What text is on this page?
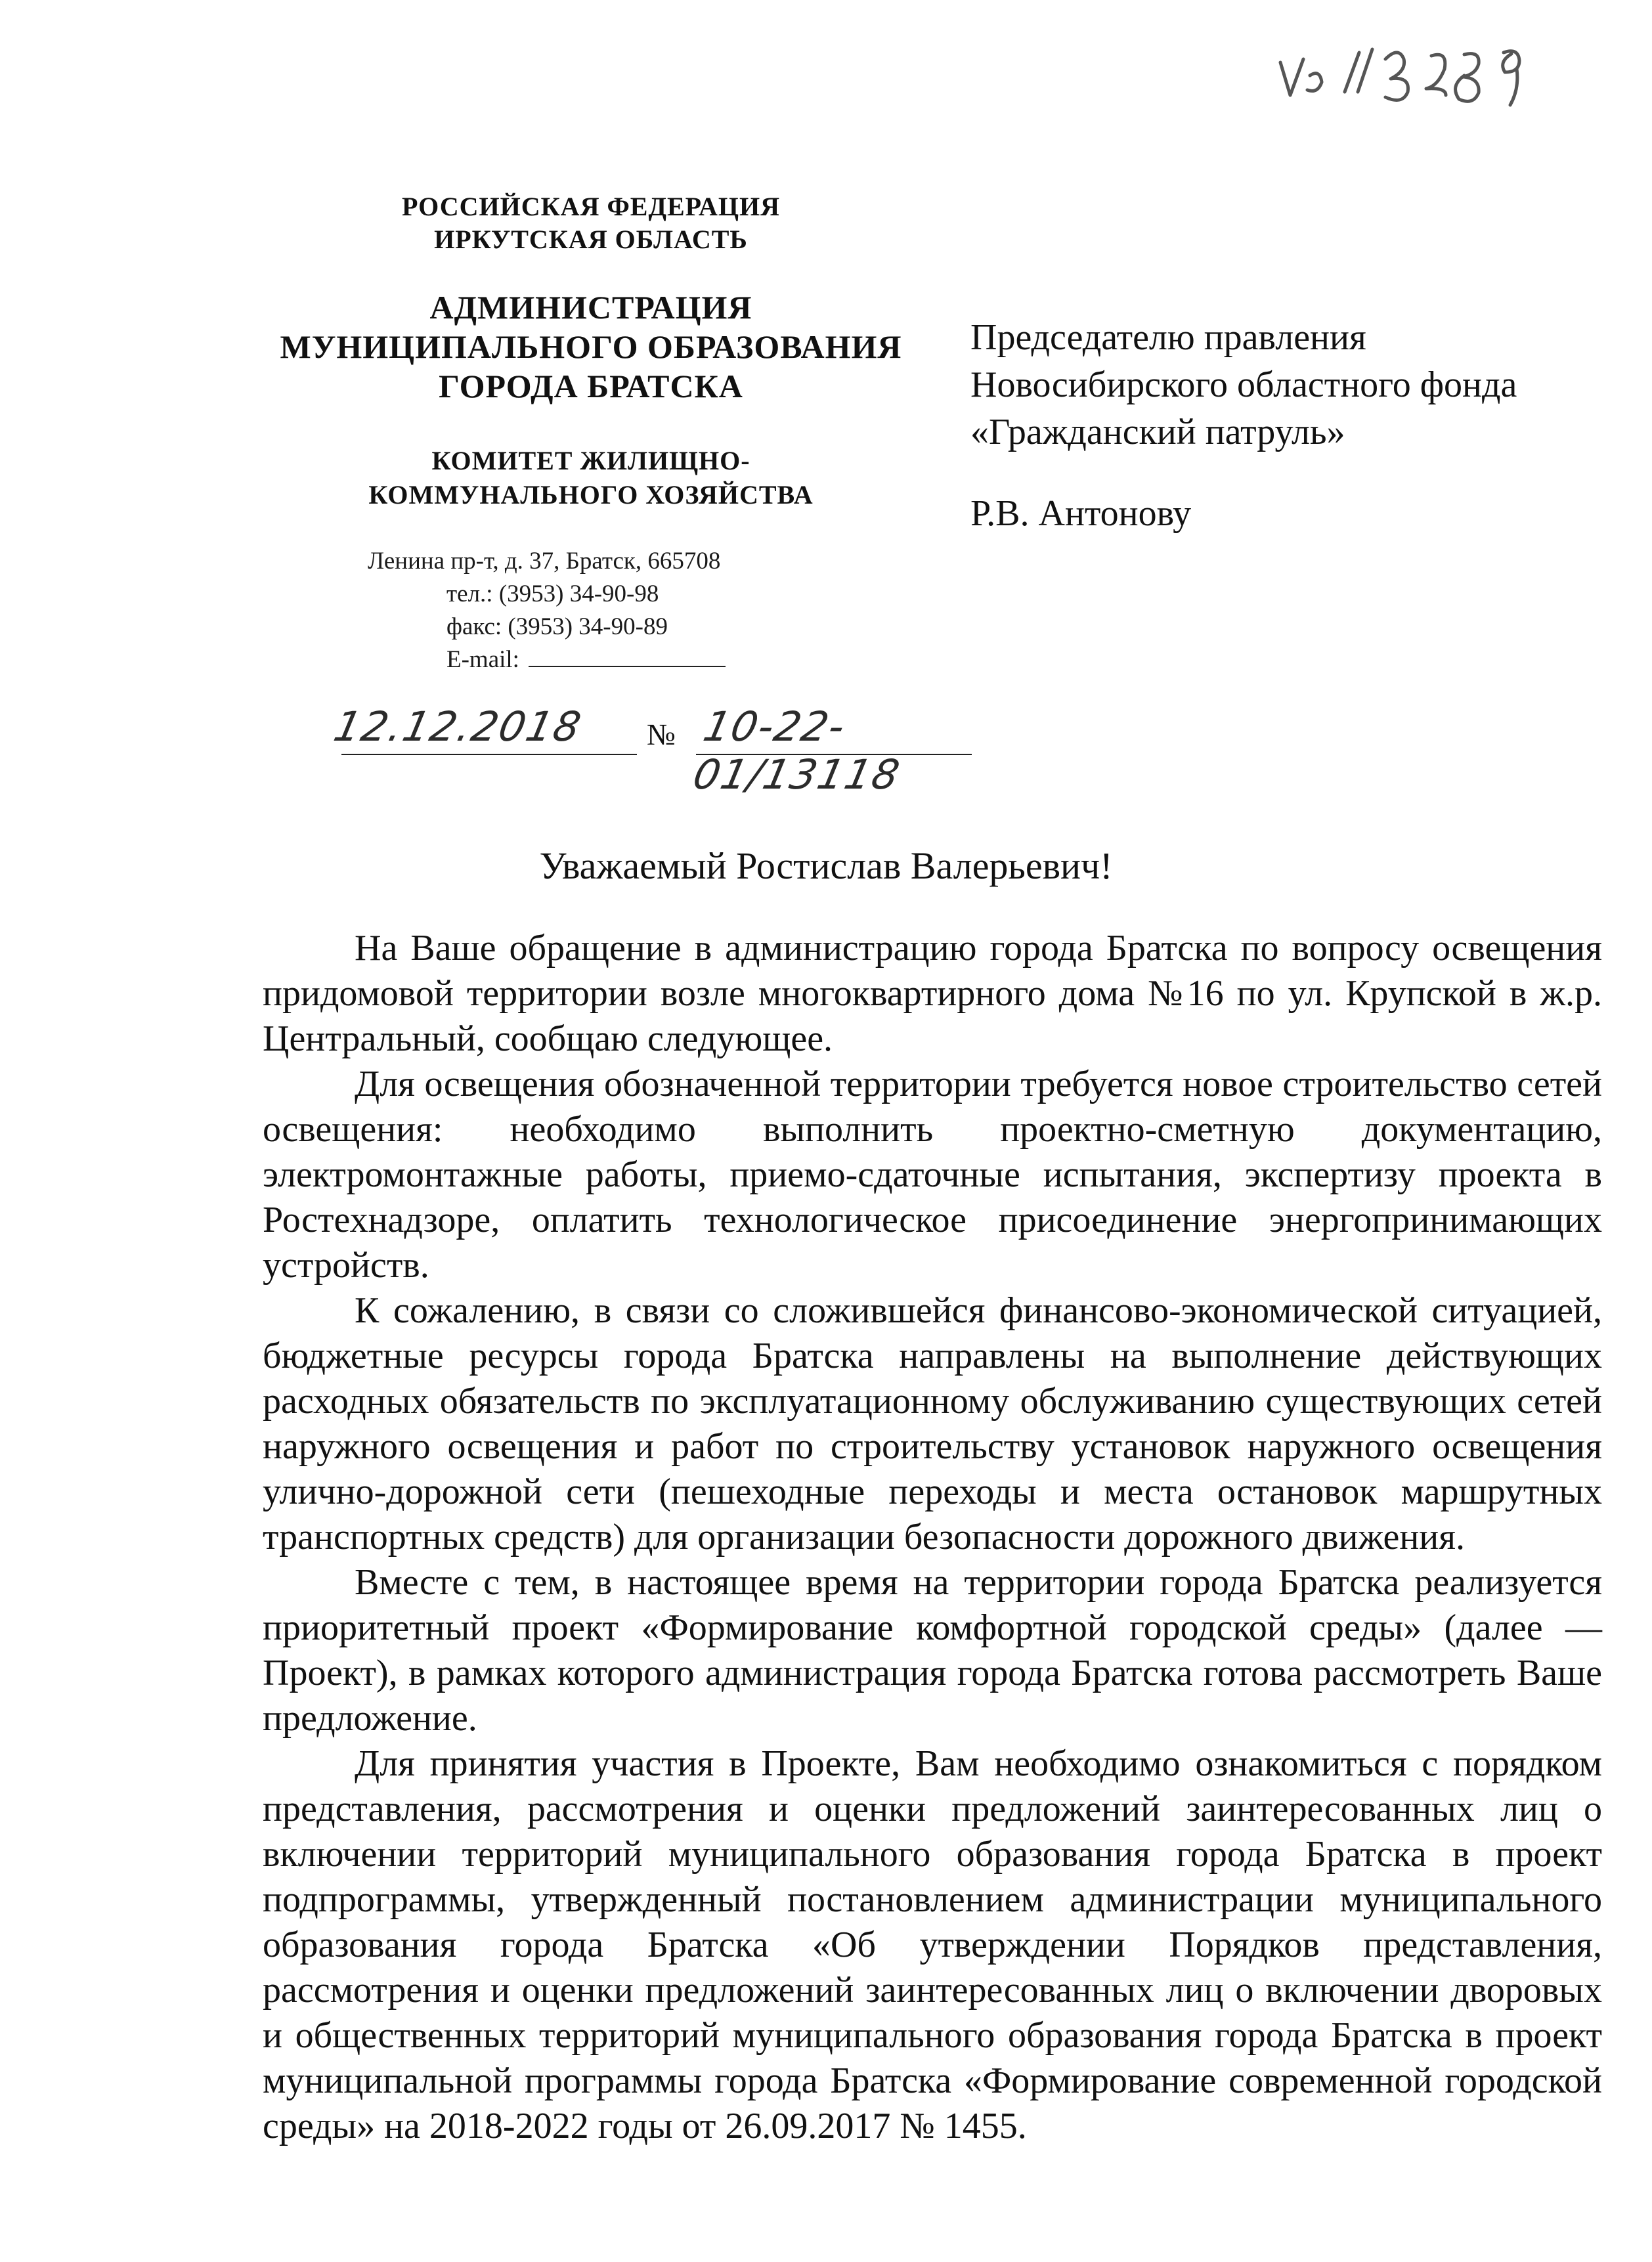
РОССИЙСКАЯ ФЕДЕРАЦИЯ
ИРКУТСКАЯ ОБЛАСТЬ
АДМИНИСТРАЦИЯ
МУНИЦИПАЛЬНОГО ОБРАЗОВАНИЯ
ГОРОДА БРАТСКА
КОМИТЕТ ЖИЛИЩНО-
КОММУНАЛЬНОГО ХОЗЯЙСТВА
Ленина пр-т, д. 37, Братск, 665708
тел.: (3953) 34-90-98
факс: (3953) 34-90-89
E-mail:
12.12.2018 № 10-22-01/13118
Председателю правления
Новосибирского областного фонда
«Гражданский патруль»
Р.В. Антонову
Уважаемый Ростислав Валерьевич!

На Ваше обращение в администрацию города Братска по вопросу освещения придомовой территории возле многоквартирного дома №16 по ул. Крупской в ж.р. Центральный, сообщаю следующее.

Для освещения обозначенной территории требуется новое строительство сетей освещения: необходимо выполнить проектно-сметную документацию, электромонтажные работы, приемо-сдаточные испытания, экспертизу проекта в Ростехнадзоре, оплатить технологическое присоединение энергопринимающих устройств.

К сожалению, в связи со сложившейся финансово-экономической ситуацией, бюджетные ресурсы города Братска направлены на выполнение действующих расходных обязательств по эксплуатационному обслуживанию существующих сетей наружного освещения и работ по строительству установок наружного освещения улично-дорожной сети (пешеходные переходы и места остановок маршрутных транспортных средств) для организации безопасности дорожного движения.

Вместе с тем, в настоящее время на территории города Братска реализуется приоритетный проект «Формирование комфортной городской среды» (далее — Проект), в рамках которого администрация города Братска готова рассмотреть Ваше предложение.

Для принятия участия в Проекте, Вам необходимо ознакомиться с порядком представления, рассмотрения и оценки предложений заинтересованных лиц о включении территорий муниципального образования города Братска в проект подпрограммы, утвержденный постановлением администрации муниципального образования города Братска «Об утверждении Порядков представления, рассмотрения и оценки предложений заинтересованных лиц о включении дворовых и общественных территорий муниципального образования города Братска в проект муниципальной программы города Братска «Формирование современной городской среды» на 2018-2022 годы от 26.09.2017 № 1455.
